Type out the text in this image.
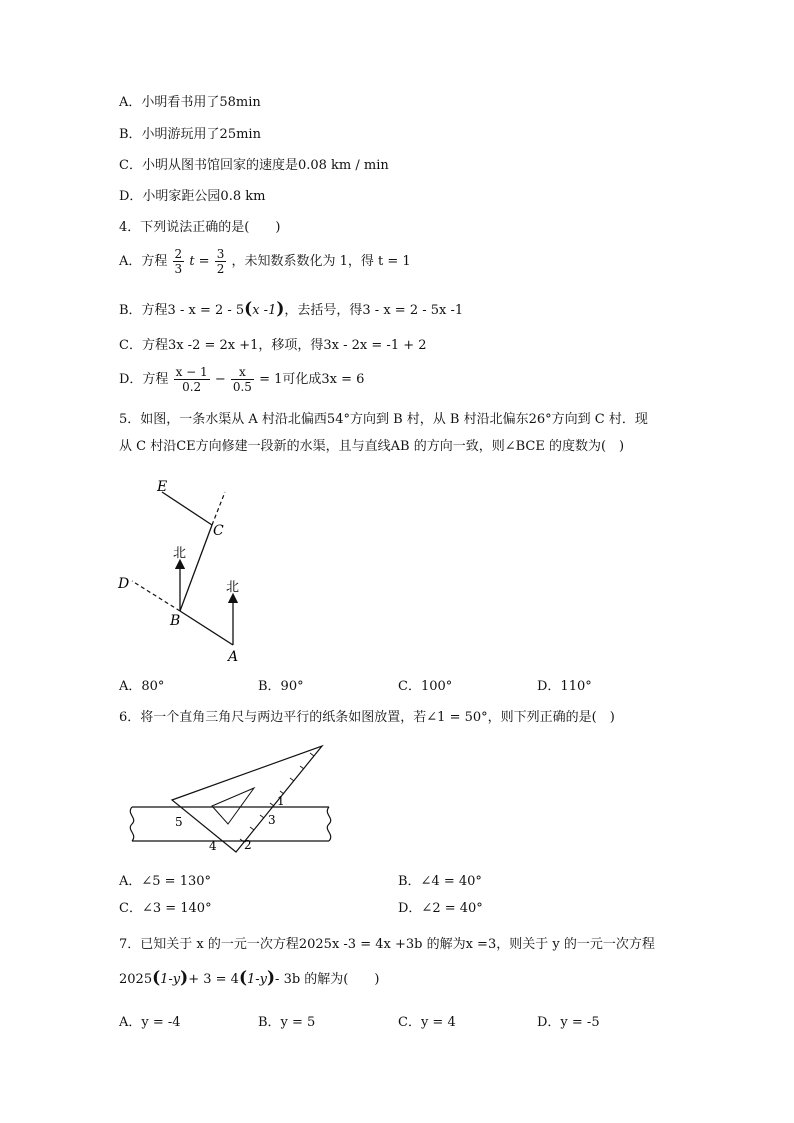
A．小明看书用了58min
B．小明游玩用了25min
C．小明从图书馆回家的速度是0.08 km / min
D．小明家距公园0.8 km
4．下列说法正确的是(　　)
A．方程 $\frac{2}{3}$ $t = \frac{3}{2}$ ，未知数系数化为 1，得 t = 1
B．方程3 - x = 2 - 5(x -1)，去括号，得3 - x = 2 - 5x -1
C．方程3x -2 = 2x +1，移项，得3x - 2x = -1 + 2
D．方程 $\frac{x - 1}{0.2} - \frac{x}{0.5} = 1$可化成3x = 6
5．如图，一条水渠从 A 村沿北偏西54°方向到 B 村，从 B 村沿北偏东26°方向到 C 村．现
从 C 村沿CE方向修建一段新的水渠，且与直线AB 的方向一致，则∠BCE 的度数为(　)
E
C
D
B
A
北
北
A．80°	B．90°	C．100°	D．110°
6．将一个直角三角尺与两边平行的纸条如图放置，若∠1 = 50°，则下列正确的是(　)
1
2
3
4
5
A．∠5 = 130°	B．∠4 = 40°
C．∠3 = 140°	D．∠2 = 40°
7．已知关于 x 的一元一次方程2025x -3 = 4x +3b 的解为x =3，则关于 y 的一元一次方程
2025(1-y)+ 3 = 4(1-y)- 3b 的解为(　　)
A．y = -4	B．y = 5	C．y = 4	D．y = -5
